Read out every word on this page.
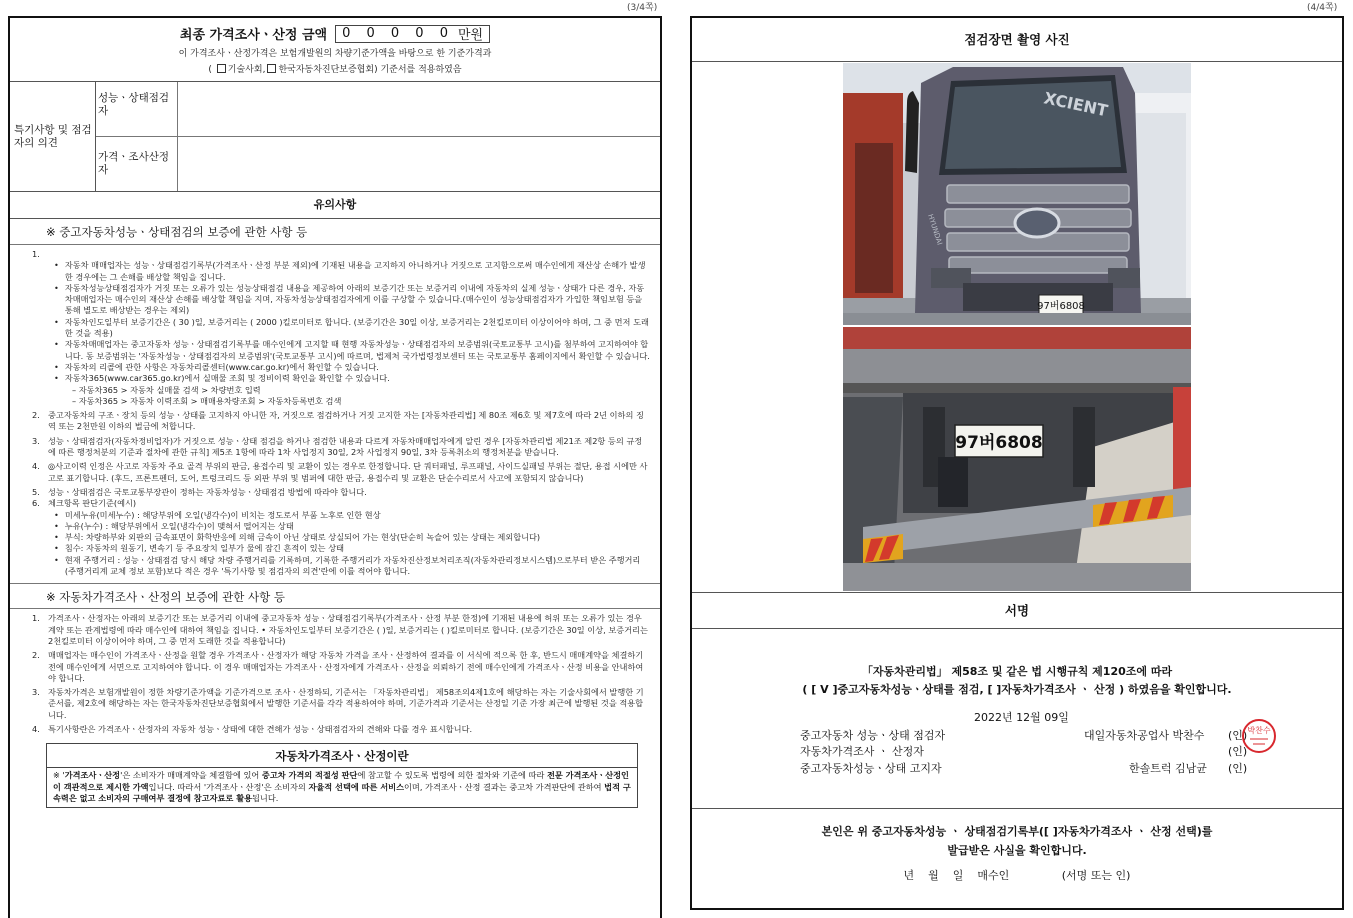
(3/4쪽)	(4/4쪽)
최종 가격조사ㆍ산정 금액 0 0 0 0 0 만원
이 가격조사ㆍ산정가격은 보험개발원의 차량기준가액을 바탕으로 한 기준가격과
( 기술사회, 한국자동차진단보증협회) 기준서를 적용하였음
특기사항 및 점검자의 의견
성능ㆍ상태점검자
가격ㆍ조사산정자
유의사항
※ 중고자동차성능ㆍ상태점검의 보증에 관한 사항 등
1.
• 자동차 매매업자는 성능ㆍ상태점검기록부(가격조사ㆍ산정 부분 제외)에 기재된 내용을 고지하지 아니하거나 거짓으로 고지함으로써 매수인에게 재산상 손해가 발생한 경우에는 그 손해를 배상할 책임을 집니다.
• 자동차성능상태점검자가 거짓 또는 오류가 있는 성능상태점검 내용을 제공하여 아래의 보증기간 또는 보증거리 이내에 자동차의 실제 성능ㆍ상태가 다른 경우, 자동차매매업자는 매수인의 재산상 손해를 배상할 책임을 지며, 자동차성능상태점검자에게 이를 구상할 수 있습니다.(매수인이 성능상태점검자가 가입한 책임보험 등을 통해 별도로 배상받는 경우는 제외)
• 자동차인도일부터 보증기간은 ( 30 )일, 보증거리는 ( 2000 )킬로미터로 합니다. (보증기간은 30일 이상, 보증거리는 2천킬로미터 이상이어야 하며, 그 중 먼저 도래한 것을 적용)
• 자동차매매업자는 중고자동차 성능ㆍ상태점검기록부를 매수인에게 고지할 때 현행 자동차성능ㆍ상태점검자의 보증범위(국토교통부 고시)를 첨부하여 고지하여야 합니다. 동 보증범위는 '자동차성능ㆍ상태점검자의 보증범위'(국토교통부 고시)에 따르며, 법제처 국가법령정보센터 또는 국토교통부 홈페이지에서 확인할 수 있습니다.
• 자동차의 리콜에 관한 사항은 자동차리콜센터(www.car.go.kr)에서 확인할 수 있습니다.
• 자동차365(www.car365.go.kr)에서 실매물 조회 및 정비이력 확인을 확인할 수 있습니다.
– 자동차365 > 자동차 실매물 검색 > 차량번호 입력
– 자동차365 > 자동차 이력조회 > 매매용차량조회 > 자동차등록번호 검색
2. 중고자동차의 구조ㆍ장치 등의 성능ㆍ상태를 고지하지 아니한 자, 거짓으로 점검하거나 거짓 고지한 자는 [자동차관리법] 제 80조 제6호 및 제7호에 따라 2년 이하의 징역 또는 2천만원 이하의 벌금에 처합니다.
3. 성능ㆍ상태점검자(자동차정비업자)가 거짓으로 성능ㆍ상태 점검을 하거나 점검한 내용과 다르게 자동차매매업자에게 알린 경우 [자동차관리법 제21조 제2항 등의 규정에 따른 행정처분의 기준과 절차에 관한 규칙] 제5조 1항에 따라 1차 사업정지 30일, 2차 사업정지 90일, 3차 등록취소의 행정처분을 받습니다.
4. ◎사고이력 인정은 사고로 자동차 주요 골격 부위의 판금, 용접수리 및 교환이 있는 경우로 한정합니다. 단 쿼터패널, 루프패널, 사이드실패널 부위는 절단, 용접 시에만 사고로 표기합니다. (후드, 프론트펜더, 도어, 트렁크리드 등 외판 부위 및 범퍼에 대한 판금, 용접수리 및 교환은 단순수리로서 사고에 포함되지 않습니다)
5. 성능ㆍ상태점검은 국토교통부장관이 정하는 자동차성능ㆍ상태점검 방법에 따라야 합니다.
6. 체크항목 판단기준(예시)
• 미세누유(미세누수) : 해당부위에 오일(냉각수)이 비치는 정도로서 부품 노후로 인한 현상
• 누유(누수) : 해당부위에서 오일(냉각수)이 맺혀서 떨어지는 상태
• 부식: 차량하부와 외판의 금속표면이 화학반응에 의해 금속이 아닌 상태로 상실되어 가는 현상(단순히 녹슬어 있는 상태는 제외합니다)
• 침수: 자동차의 원동기, 변속기 등 주요장치 일부가 물에 잠긴 흔적이 있는 상태
• 현재 주행거리 : 성능ㆍ상태점검 당시 해당 차량 주행거리를 기록하며, 기록한 주행거리가 자동차진산정보처리조직(자동차관리정보시스템)으로부터 받은 주행거리(주행거리계 교체 정보 포함)보다 적은 경우 '특기사항 및 점검자의 의견'란에 이를 적어야 합니다.
※ 자동차가격조사ㆍ산정의 보증에 관한 사항 등
1. 가격조사ㆍ산정자는 아래의 보증기간 또는 보증거리 이내에 중고자동차 성능ㆍ상태점검기록부(가격조사ㆍ산정 부분 한정)에 기재된 내용에 허위 또는 오류가 있는 경우 계약 또는 관계법령에 따라 매수인에 대하여 책임을 집니다. • 자동차인도일부터 보증기간은 ( )일, 보증거리는 ( )킬로미터로 합니다. (보증기간은 30일 이상, 보증거리는 2천킬로미터 이상이어야 하며, 그 중 먼저 도래한 것을 적용합니다)
2. 매매업자는 매수인이 가격조사ㆍ산정을 원할 경우 가격조사ㆍ산정자가 해당 자동차 가격을 조사ㆍ산정하여 결과를 이 서식에 적으록 한 후, 반드시 매매계약을 체결하기 전에 매수인에게 서면으로 고지하여야 합니다. 이 경우 매매업자는 가격조사ㆍ산정자에게 가격조사ㆍ산정을 의뢰하기 전에 매수인에게 가격조사ㆍ산정 비용을 안내하여야 합니다.
3. 자동차가격은 보험개발원이 정한 차량기준가액을 기준가격으로 조사ㆍ산정하되, 기준서는 「자동차관리법」 제58조의4제1호에 해당하는 자는 기술사회에서 발행한 기준서를, 제2호에 해당하는 자는 한국자동차진단보증협회에서 발행한 기준서를 각각 적용하여야 하며, 기준가격과 기준서는 산정일 기준 가장 최근에 발행된 것을 적용합니다.
4. 특기사항란은 가격조사ㆍ산정자의 자동차 성능ㆍ상태에 대한 견해가 성능ㆍ상태점검자의 견해와 다를 경우 표시합니다.
자동차가격조사ㆍ산정이란
※ '가격조사ㆍ산정'은 소비자가 매매계약을 체결함에 있어 중고차 가격의 적절성 판단에 참고할 수 있도록 법령에 의한 절차와 기준에 따라 전문 가격조사ㆍ산정인이 객관적으로 제시한 가액입니다. 따라서 '가격조사ㆍ산정'은 소비자의 자율적 선택에 따른 서비스이며, 가격조사ㆍ산정 결과는 중고차 가격판단에 관하여 법적 구속력은 없고 소비자의 구매여부 결정에 참고자료로 활용됩니다.
점검장면 촬영 사진
XCIENT
HYUNDAI
97버6808
97버6808
서명
「자동차관리법」 제58조 및 같은 법 시행규칙 제120조에 따라
( [ V ]중고자동차성능ㆍ상태를 점검, [ ]자동차가격조사 ㆍ 산정 ) 하였음을 확인합니다.
2022년 12월 09일
중고자동차 성능ㆍ상태 점검자	대일자동차공업사 박찬수 (인)
자동차가격조사 ㆍ 산정자	(인)
중고자동차성능ㆍ상태 고지자	한솔트럭 김남균 (인)
박찬수
본인은 위 중고자동차성능 ㆍ 상태점검기록부([ ]자동차가격조사 ㆍ 산정 선택)를
발급받은 사실을 확인합니다.
년 월 일 매수인	(서명 또는 인)
